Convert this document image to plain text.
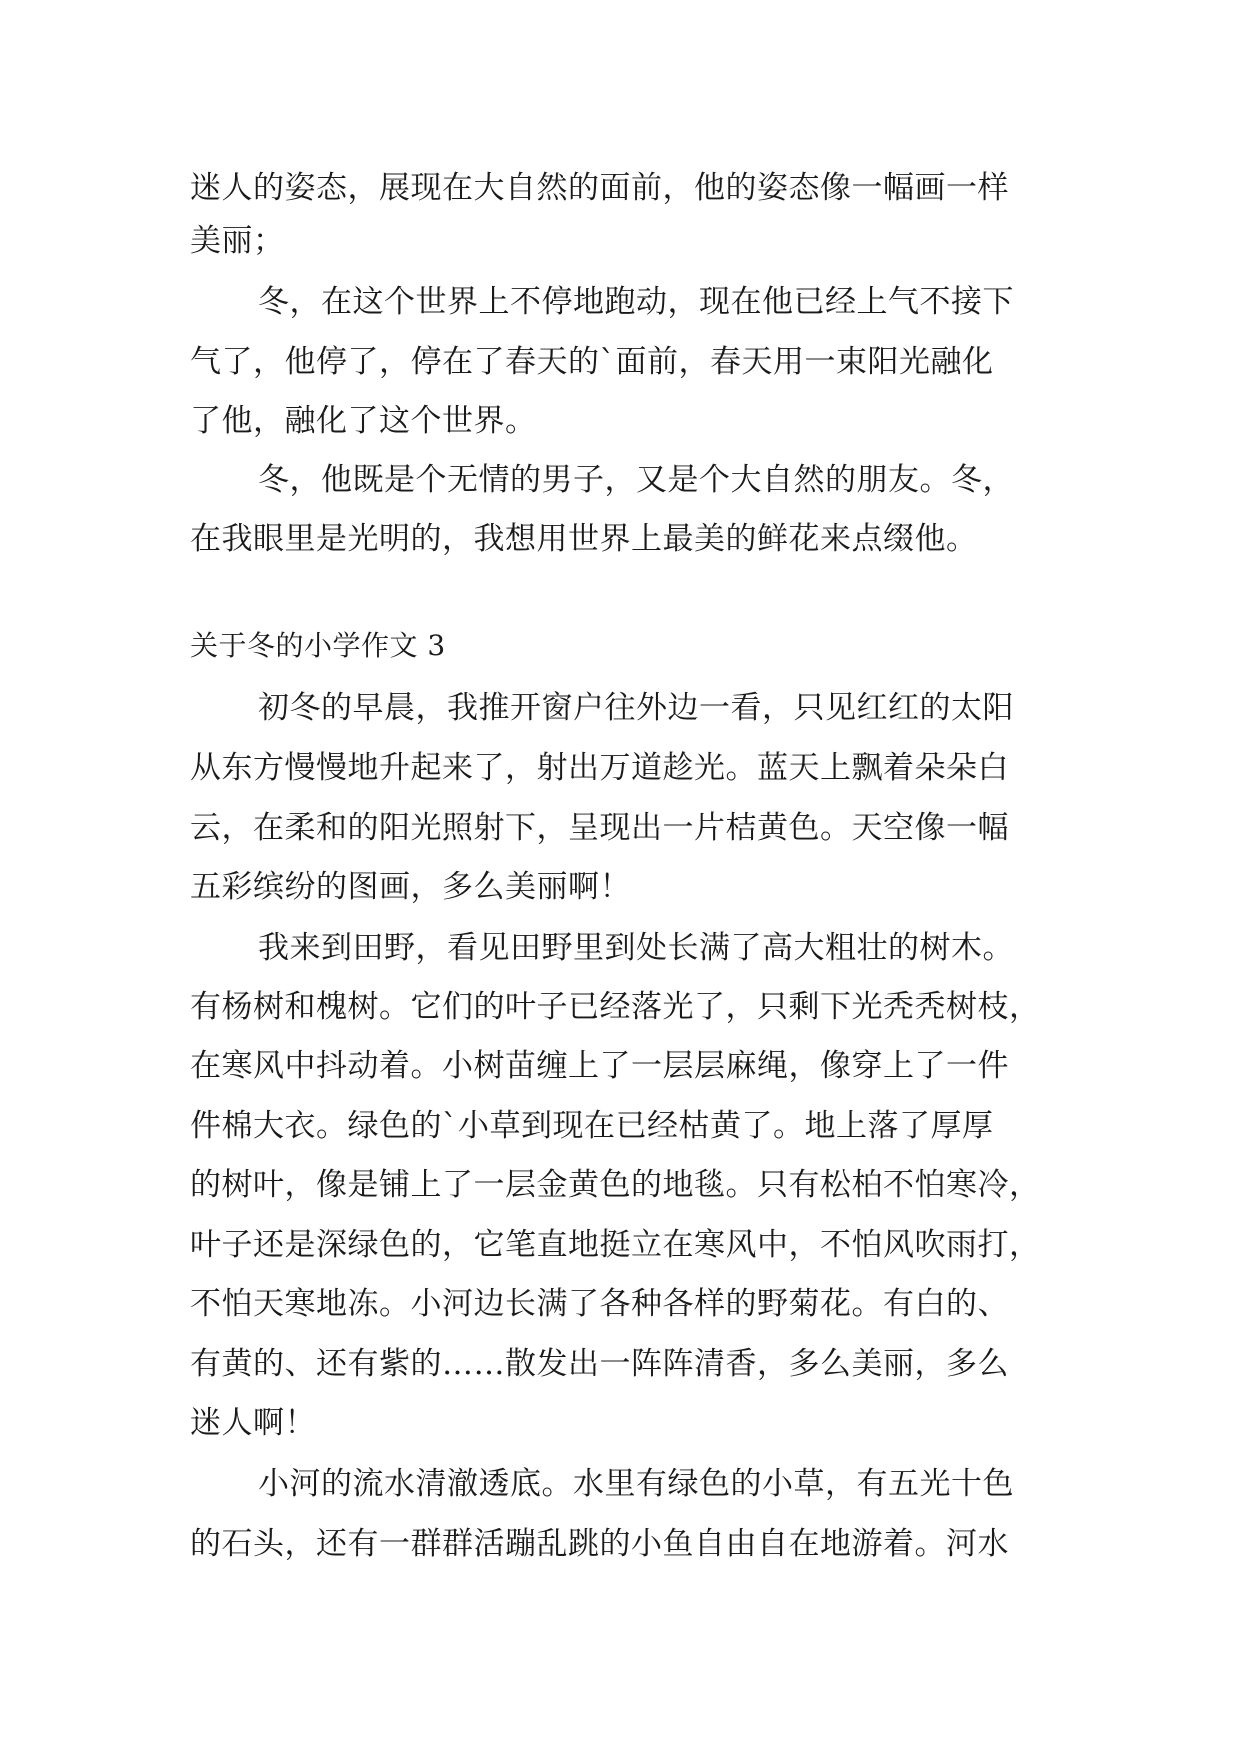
迷人的姿态，展现在大自然的面前，他的姿态像一幅画一样
美丽；
冬，在这个世界上不停地跑动，现在他已经上气不接下
气了，他停了，停在了春天的`面前，春天用一束阳光融化
了他，融化了这个世界。
冬，他既是个无情的男子，又是个大自然的朋友。冬，
在我眼里是光明的，我想用世界上最美的鲜花来点缀他。
关于冬的小学作文 3
初冬的早晨，我推开窗户往外边一看，只见红红的太阳
从东方慢慢地升起来了，射出万道趁光。蓝天上飘着朵朵白
云，在柔和的阳光照射下，呈现出一片桔黄色。天空像一幅
五彩缤纷的图画，多么美丽啊！
我来到田野，看见田野里到处长满了高大粗壮的树木。
有杨树和槐树。它们的叶子已经落光了，只剩下光秃秃树枝，
在寒风中抖动着。小树苗缠上了一层层麻绳，像穿上了一件
件棉大衣。绿色的`小草到现在已经枯黄了。地上落了厚厚
的树叶，像是铺上了一层金黄色的地毯。只有松柏不怕寒冷，
叶子还是深绿色的，它笔直地挺立在寒风中，不怕风吹雨打，
不怕天寒地冻。小河边长满了各种各样的野菊花。有白的、
有黄的、还有紫的……散发出一阵阵清香，多么美丽，多么
迷人啊！
小河的流水清澈透底。水里有绿色的小草，有五光十色
的石头，还有一群群活蹦乱跳的小鱼自由自在地游着。河水
